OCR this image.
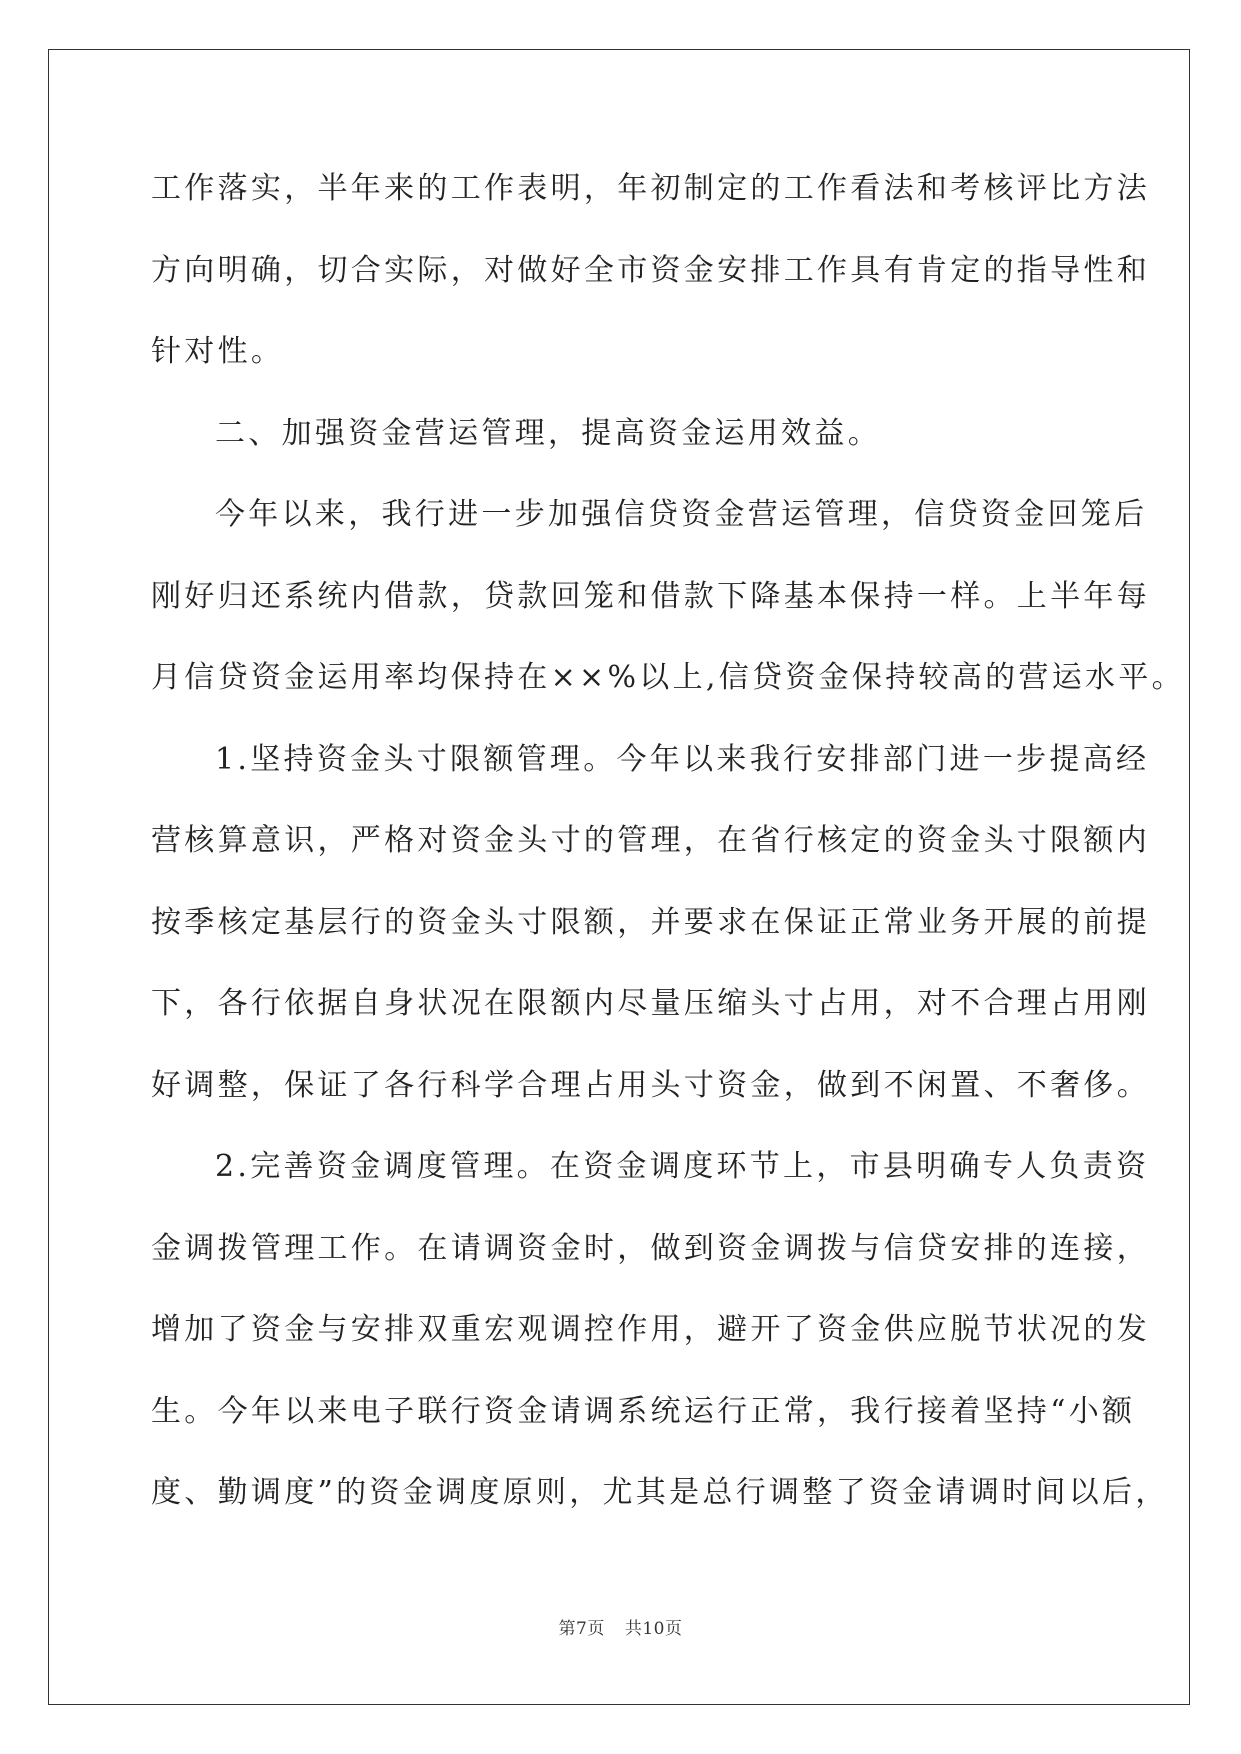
工作落实，半年来的工作表明，年初制定的工作看法和考核评比方法
方向明确，切合实际，对做好全市资金安排工作具有肯定的指导性和
针对性。
二、加强资金营运管理，提高资金运用效益。
今年以来，我行进一步加强信贷资金营运管理，信贷资金回笼后
刚好归还系统内借款，贷款回笼和借款下降基本保持一样。上半年每
月信贷资金运用率均保持在××%以上,信贷资金保持较高的营运水平。
1.坚持资金头寸限额管理。今年以来我行安排部门进一步提高经
营核算意识，严格对资金头寸的管理，在省行核定的资金头寸限额内
按季核定基层行的资金头寸限额，并要求在保证正常业务开展的前提
下，各行依据自身状况在限额内尽量压缩头寸占用，对不合理占用刚
好调整，保证了各行科学合理占用头寸资金，做到不闲置、不奢侈。
2.完善资金调度管理。在资金调度环节上，市县明确专人负责资
金调拨管理工作。在请调资金时，做到资金调拨与信贷安排的连接，
增加了资金与安排双重宏观调控作用，避开了资金供应脱节状况的发
生。今年以来电子联行资金请调系统运行正常，我行接着坚持“小额
度、勤调度”的资金调度原则，尤其是总行调整了资金请调时间以后，
第7页 共10页
